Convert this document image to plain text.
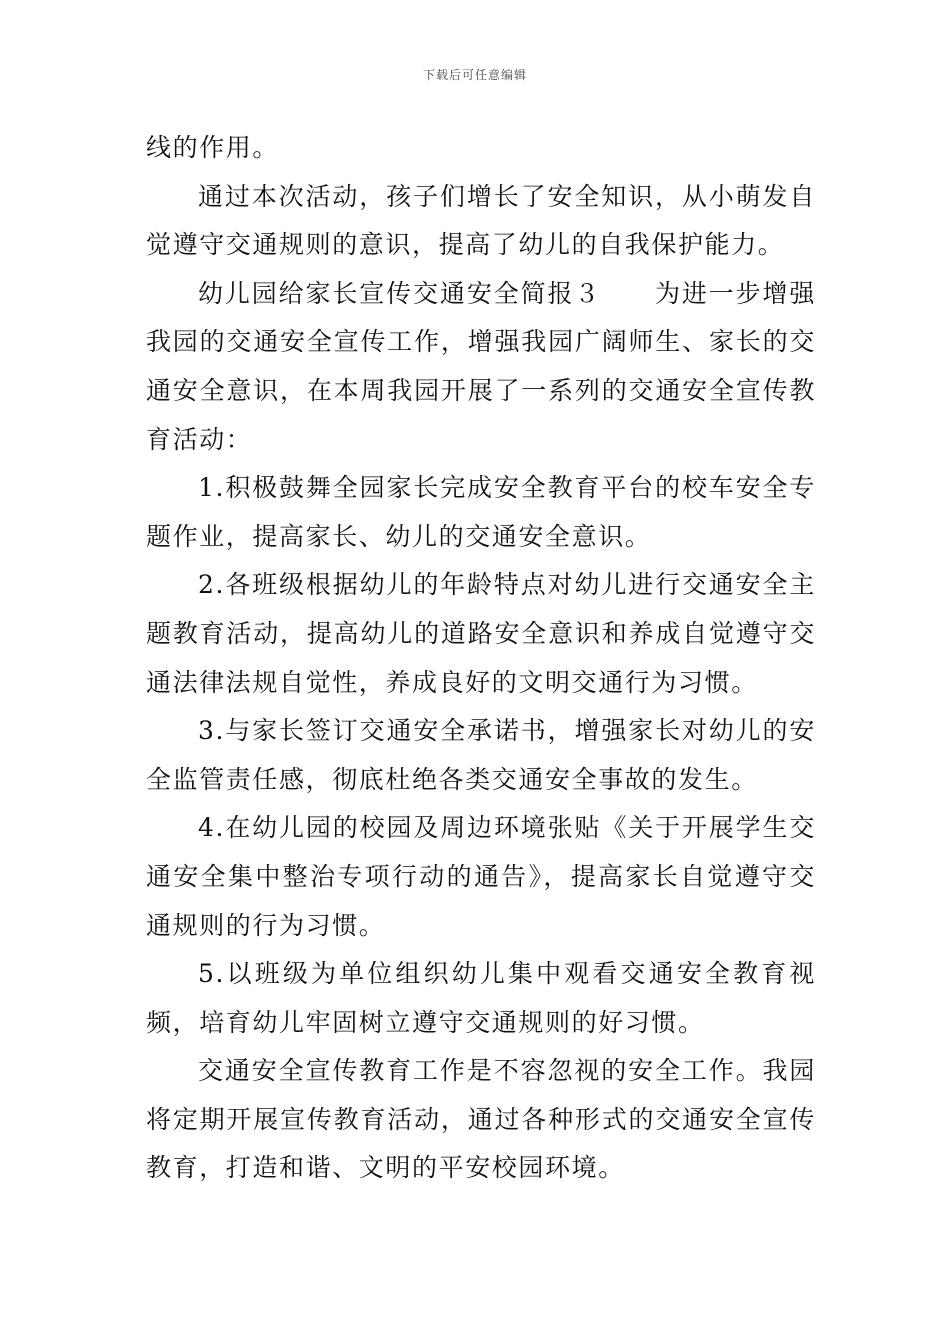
下载后可任意编辑

线的作用。

通过本次活动，孩子们增长了安全知识，从小萌发自觉遵守交通规则的意识，提高了幼儿的自我保护能力。

幼儿园给家长宣传交通安全简报３　　为进一步增强我园的交通安全宣传工作，增强我园广阔师生、家长的交通安全意识，在本周我园开展了一系列的交通安全宣传教育活动：

1.积极鼓舞全园家长完成安全教育平台的校车安全专题作业，提高家长、幼儿的交通安全意识。

2.各班级根据幼儿的年龄特点对幼儿进行交通安全主题教育活动，提高幼儿的道路安全意识和养成自觉遵守交通法律法规自觉性，养成良好的文明交通行为习惯。

3.与家长签订交通安全承诺书，增强家长对幼儿的安全监管责任感，彻底杜绝各类交通安全事故的发生。

4.在幼儿园的校园及周边环境张贴《关于开展学生交通安全集中整治专项行动的通告》，提高家长自觉遵守交通规则的行为习惯。

5.以班级为单位组织幼儿集中观看交通安全教育视频，培育幼儿牢固树立遵守交通规则的好习惯。

交通安全宣传教育工作是不容忽视的安全工作。我园将定期开展宣传教育活动，通过各种形式的交通安全宣传教育，打造和谐、文明的平安校园环境。
